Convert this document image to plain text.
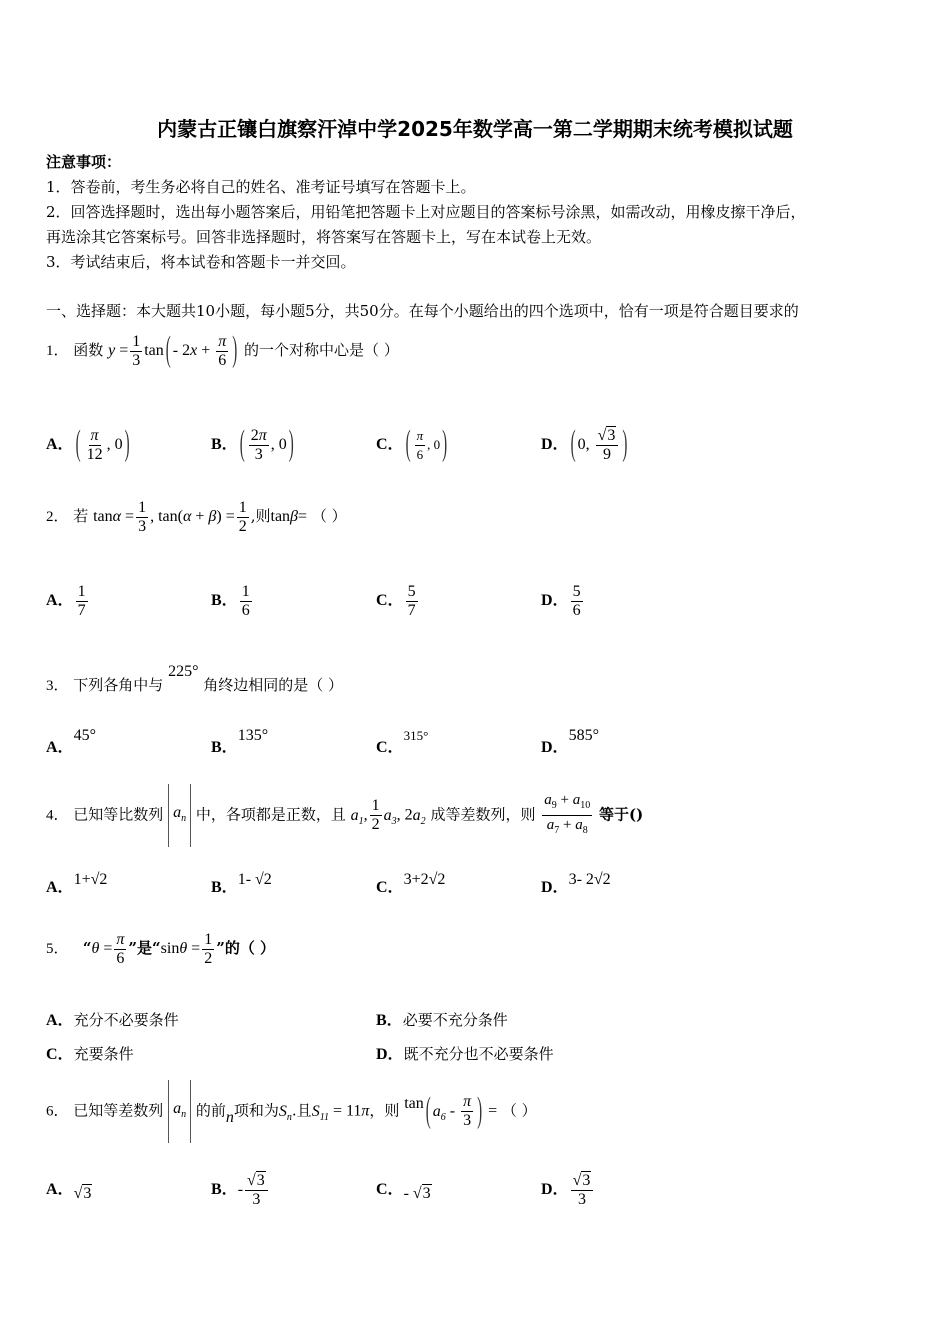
内蒙古正镶白旗察汗淖中学2025年数学高一第二学期期末统考模拟试题
注意事项：
1．答卷前，考生务必将自己的姓名、准考证号填写在答题卡上。
2．回答选择题时，选出每小题答案后，用铅笔把答题卡上对应题目的答案标号涂黑，如需改动，用橡皮擦干净后，
再选涂其它答案标号。回答非选择题时，将答案写在答题卡上，写在本试卷上无效。
3．考试结束后，将本试卷和答题卡一并交回。
一、选择题：本大题共10小题，每小题5分，共50分。在每个小题给出的四个选项中，恰有一项是符合题目要求的
1． 函数 $y = \frac{1}{3}$ tan ( - $2x + \frac{\pi}{6}$ ) 的一个对称中心是（ ）
A． ( $\frac{\pi}{12}$ , 0 )	B． ( $\frac{2\pi}{3}$ , 0 )	C． ( $\frac{\pi}{6}$ , 0 )	D． ( 0, $\frac{√3}{9}$ )
2． 若 $\tan\alpha = \frac{1}{3}$ , $\tan(\alpha + \beta) = \frac{1}{2}$ ,则tanβ= （ ）
A． $\frac{1}{7}$	B． $\frac{1}{6}$	C． $\frac{5}{7}$	D． $\frac{5}{6}$
3． 下列各角中与 225° 角终边相同的是（ ）
A．45°
B．135°
C．315°
D．585°
4． 已知等比数列 $a_n$ 中，各项都是正数，且 $a_1$, $\frac{1}{2} a_3$, $2a_2$ 成等差数列，则 $\frac{a_9 + a_{10}}{a_7 + a_8}$ 等于()
A．1+√2	B．1- √2	C．3+2√2	D．3- 2√2
5． “$\theta = \frac{\pi}{6}$ ”是“$\sin\theta = \frac{1}{2}$ ”的（ ）
A．充分不必要条件	B．必要不充分条件
C．充要条件	D．既不充分也不必要条件
6． 已知等差数列 $a_n$ 的前n项和为$S_n$.且$S_{11} = 11\pi$，则 tan ( $a_6 - \frac{\pi}{3}$ ) = （ ）
A．√3	B．- $\frac{√3}{3}$	C．- √3	D． $\frac{√3}{3}$
